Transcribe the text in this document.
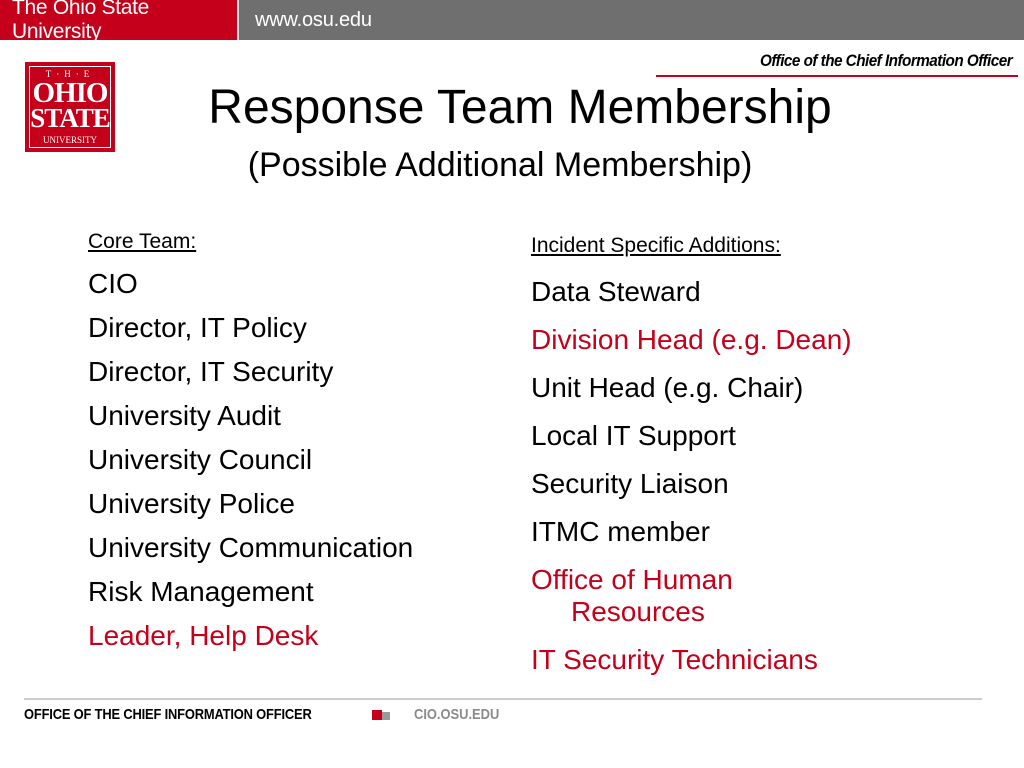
The Ohio State University
www.osu.edu
Office of the Chief Information Officer
T·H·E
OHIO
STATE
UNIVERSITY
Response Team Membership
(Possible Additional Membership)
Core Team:
CIO
Director, IT Policy
Director, IT Security
University Audit
University Council
University Police
University Communication
Risk Management
Leader, Help Desk
Incident Specific Additions:
Data Steward
Division Head (e.g. Dean)
Unit Head (e.g. Chair)
Local IT Support
Security Liaison
ITMC member
Office of Human
Resources
IT Security Technicians
OFFICE OF THE CHIEF INFORMATION OFFICER	CIO.OSU.EDU
